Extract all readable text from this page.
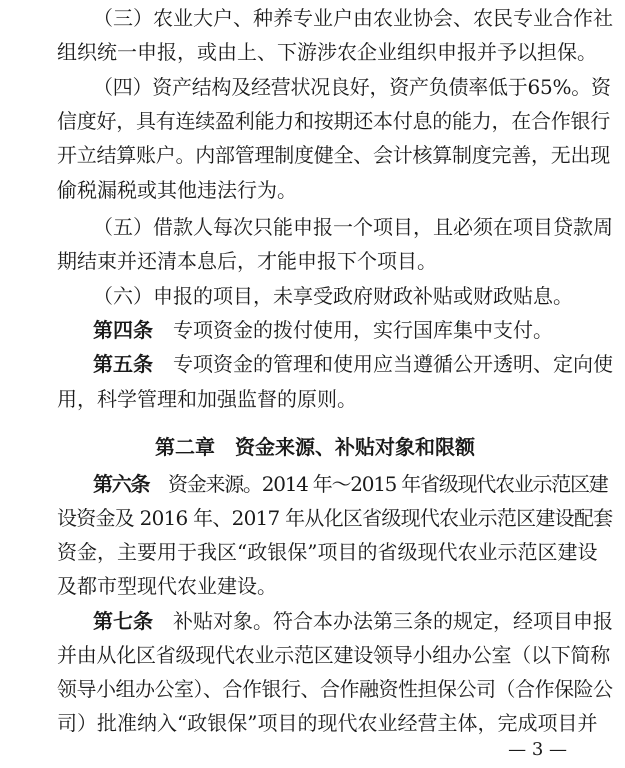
（三）农业大户、种养专业户由农业协会、农民专业合作社
组织统一申报，或由上、下游涉农企业组织申报并予以担保。
（四）资产结构及经营状况良好，资产负债率低于65%。资
信度好，具有连续盈利能力和按期还本付息的能力，在合作银行
开立结算账户。内部管理制度健全、会计核算制度完善，无出现
偷税漏税或其他违法行为。
（五）借款人每次只能申报一个项目，且必须在项目贷款周
期结束并还清本息后，才能申报下个项目。
（六）申报的项目，未享受政府财政补贴或财政贴息。
第四条  专项资金的拨付使用，实行国库集中支付。
第五条  专项资金的管理和使用应当遵循公开透明、定向使
用，科学管理和加强监督的原则。
第二章　资金来源、补贴对象和限额
第六条  资金来源。2014 年～2015 年省级现代农业示范区建
设资金及 2016 年、2017 年从化区省级现代农业示范区建设配套
资金，主要用于我区“政银保”项目的省级现代农业示范区建设
及都市型现代农业建设。
第七条  补贴对象。符合本办法第三条的规定，经项目申报
并由从化区省级现代农业示范区建设领导小组办公室（以下简称
领导小组办公室）、合作银行、合作融资性担保公司（合作保险公
司）批准纳入“政银保”项目的现代农业经营主体，完成项目并
— 3 —
